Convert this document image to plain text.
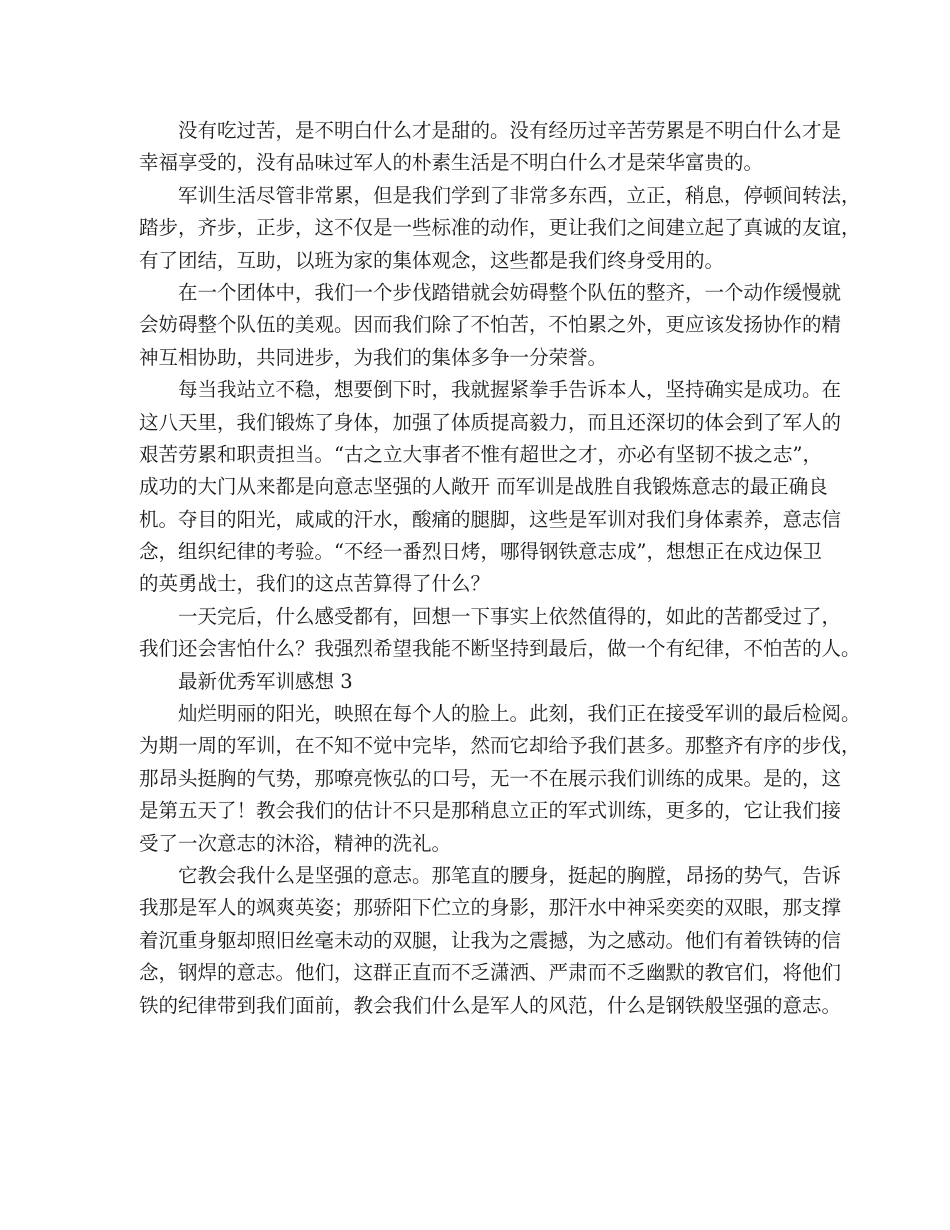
没有吃过苦，是不明白什么才是甜的。没有经历过辛苦劳累是不明白什么才是
幸福享受的，没有品味过军人的朴素生活是不明白什么才是荣华富贵的。
军训生活尽管非常累，但是我们学到了非常多东西，立正，稍息，停顿间转法，
踏步，齐步，正步，这不仅是一些标准的动作，更让我们之间建立起了真诚的友谊，
有了团结，互助，以班为家的集体观念，这些都是我们终身受用的。
在一个团体中，我们一个步伐踏错就会妨碍整个队伍的整齐，一个动作缓慢就
会妨碍整个队伍的美观。因而我们除了不怕苦，不怕累之外，更应该发扬协作的精
神互相协助，共同进步，为我们的集体多争一分荣誉。
每当我站立不稳，想要倒下时，我就握紧拳手告诉本人，坚持确实是成功。在
这八天里，我们锻炼了身体，加强了体质提高毅力，而且还深切的体会到了军人的
艰苦劳累和职责担当。“古之立大事者不惟有超世之才，亦必有坚韧不拔之志”，
成功的大门从来都是向意志坚强的人敞开 而军训是战胜自我锻炼意志的最正确良
机。夺目的阳光，咸咸的汗水，酸痛的腿脚，这些是军训对我们身体素养，意志信
念，组织纪律的考验。“不经一番烈日烤，哪得钢铁意志成”，想想正在戍边保卫
的英勇战士，我们的这点苦算得了什么？
一天完后，什么感受都有，回想一下事实上依然值得的，如此的苦都受过了，
我们还会害怕什么？我强烈希望我能不断坚持到最后，做一个有纪律，不怕苦的人。
最新优秀军训感想 3
灿烂明丽的阳光，映照在每个人的脸上。此刻，我们正在接受军训的最后检阅。
为期一周的军训，在不知不觉中完毕，然而它却给予我们甚多。那整齐有序的步伐，
那昂头挺胸的气势，那嘹亮恢弘的口号，无一不在展示我们训练的成果。是的，这
是第五天了！教会我们的估计不只是那稍息立正的军式训练，更多的，它让我们接
受了一次意志的沐浴，精神的洗礼。
它教会我什么是坚强的意志。那笔直的腰身，挺起的胸膛，昂扬的势气，告诉
我那是军人的飒爽英姿；那骄阳下伫立的身影，那汗水中神采奕奕的双眼，那支撑
着沉重身躯却照旧丝毫未动的双腿，让我为之震撼，为之感动。他们有着铁铸的信
念，钢焊的意志。他们，这群正直而不乏潇洒、严肃而不乏幽默的教官们，将他们
铁的纪律带到我们面前，教会我们什么是军人的风范，什么是钢铁般坚强的意志。
